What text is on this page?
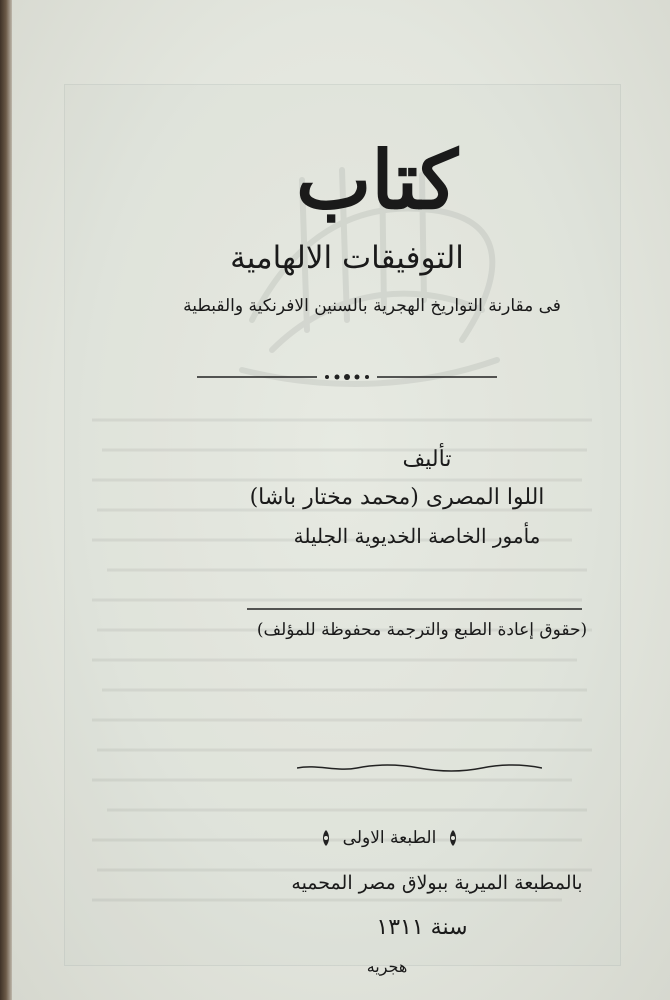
كتاب
التوفيقات الالهامية
فى مقارنة التواريخ الهجرية بالسنين الافرنكية والقبطية
تأليف
اللوا المصرى (محمد مختار باشا)
مأمور الخاصة الخديوية الجليلة
(حقوق إعادة الطبع والترجمة محفوظة للمؤلف)
الطبعة الاولى
بالمطبعة الميرية ببولاق مصر المحميه
سنة ١٣١١
هجريه
